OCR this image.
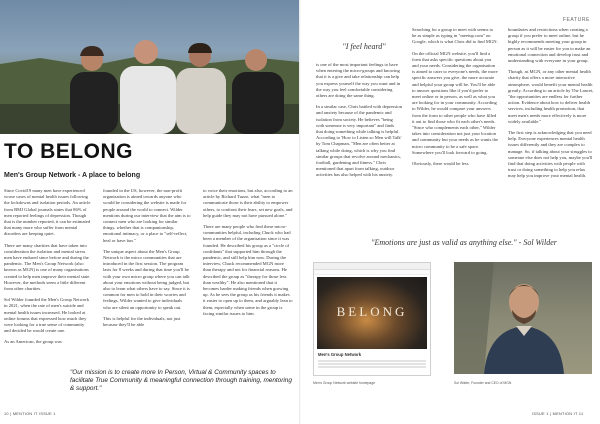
TO BELONG
Men's Group Network - A place to belong

Since Covid19 many men have experienced worse cases of mental health issues following the lockdowns and isolation periods. An article from BMJ Global journals states that 86% of men reported feelings of depression. Though that is the number reported, it can be estimated that many more who suffer from mental disorders are keeping quiet.

There are many charities that have taken into consideration the isolation and mental stress men have endured since before and during the pandemic. The Men's Group Network (also known as MGN) is one of many organisations created to help men improve their mental state. However, the methods seem a little different from other charities.

Sol Wilder founded the Men's Group Network in 2021, when the rate of men's suicide and mental health issues increased. He looked at online forums that expressed how much they were looking for a true sense of community and decided he would create one.

As an American, the group was

founded in the US, however, the non-profit organisation is aimed towards anyone who would be considering the website is made for people around the world to connect. Wilder mentions during our interview that the aim is to connect men who are looking for similar things, whether that is companionship, emotional intimacy, or a place to "self-reflect, heal or have fun."

The unique aspect about the Men's Group Network is the micro communities that are introduced in the first session. The program lasts for 8 weeks and during that time you'll be with your own micro group where you can talk about your emotions without being judged, but also to learn what others have to say. Since it is common for men to hold in their worries and feelings, Wilder wanted to give individuals who are silent an opportunity to speak out.

This is helpful for the individuals, not just because they'll be able

to voice their emotions, but also, according to an article by Richard Tuzzo, what "men to communicate those is their ability to empower others, to confront their fears, set new goals, and help guide they may not have pursued alone."

There are many people who find these micro-communities helpful, including Chuck who had been a member of the organisation since it was founded. He described his group as a "circle of confidants" that supported him through the pandemic, and still help him now. During the interview, Chuck recommended MGN more than therapy and not for financial reasons. He described the group as "therapy for those less than wealthy". He also mentioned that it becomes harder making friends when growing up. As he sees the group as his friends it makes it easier to open up to them, and arguably lean to them, especially when some in the group is facing similar issues to him.

"Our mission is to create more In Person, Virtual & Community spaces to facilitate True Community & meaningful connection through training, mentoring & support."
10 | MENTION IT ISSUE 1
FEATURE
"I feel heard"

is one of the most important feelings to have when entering the micro-groups and knowing that it is a give and take relationship can help you express yourself the way you want and in the way you feel comfortable considering others are doing the same thing.

In a similar case, Chris battled with depression and anxiety because of the pandemic and isolation from society. He believes "being with someone is very important" and finds that doing something while talking is helpful. According to 'How to Listen so Men will Talk' by Tom Chapman, "Men are often better at talking while doing, which is why you find similar groups that revolve around mechanics, football, gardening and fitness." Chris mentioned that apart from talking, outdoor activities has also helped with his anxiety.

Searching for a group to meet with seems to be as simple as typing in "meetup.com" on Google, which is what Chris did to find MGN.

On the official MGN website, you'll find a form that asks specific questions about you and your needs. Considering the organisation is aimed to cater to everyone's needs, the more specific answers you give, the more accurate and helpful your group will be. You'll be able to answer questions like if you'd prefer to meet online or in person, as well as what you are looking for in your community. According to Wilder, he would compare your answers from the form to other people who have filled it out to find those who fit each other's needs. "Since who complements each other," Wilder takes into consideration not just your location and community but your needs as he wants the micro community to be a safe space. Somewhere you'll look forward to going.

Obviously, there would be less

boundaries and restrictions when creating a group if you prefer to meet online, but he highly recommends meeting your group in person as it will be easier for you to make an emotional connection and develop trust and understanding with everyone in your group.

Though, as MGN, or any other mental health charity that offers a more interactive atmosphere, would benefit your mental health greatly. According to an article by The Lancet, "the opportunities are endless for further action. Evidence about how to deliver health services, including health promotion, that meet men's needs more effectively is more widely available."

The first step is acknowledging that you need help. Everyone experiences mental health issues differently and they are complex to manage. So, if talking about your struggles to someone else does not help you, maybe you'll find that doing activities with people with trust or doing something to help you relax may help you improve your mental health.

"Emotions are just as valid as anything else." - Sol Wilder
BELONG
Men's Group Network
Men's Group Network website homepage	Sol Wilder, Founder and CEO of MGN
ISSUE 1 | MENTION IT 11
